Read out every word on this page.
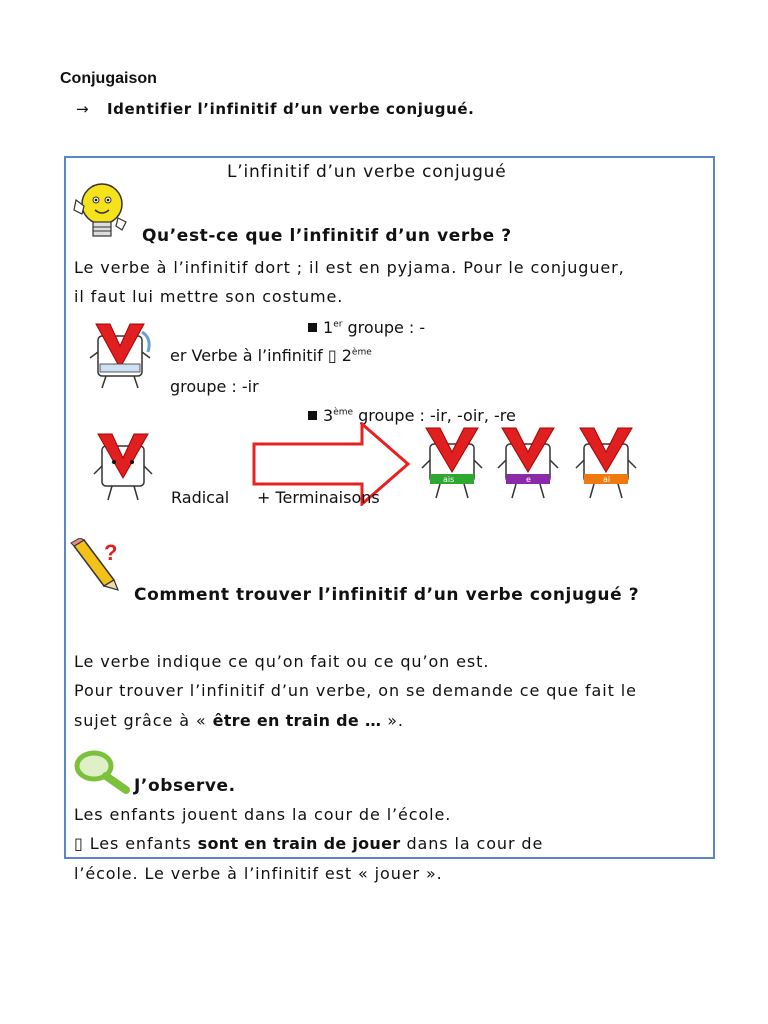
Conjugaison
→ Identifier l’infinitif d’un verbe conjugué.
L’infinitif d’un verbe conjugué
Qu’est-ce que l’infinitif d’un verbe ?
Le verbe à l’infinitif dort ; il est en pyjama. Pour le conjuguer,
il faut lui mettre son costume.
1er groupe : -
er Verbe à l’infinitif ▯ 2ème
groupe : -ir
3ème groupe : -ir, -oir, -re
Radical + Terminaisons
ais	e	ai
?
Comment trouver l’infinitif d’un verbe conjugué ?
Le verbe indique ce qu’on fait ou ce qu’on est.
Pour trouver l’infinitif d’un verbe, on se demande ce que fait le
sujet grâce à « être en train de … ».
J’observe.
Les enfants jouent dans la cour de l’école.
▯ Les enfants sont en train de jouer dans la cour de
l’école. Le verbe à l’infinitif est « jouer ».
